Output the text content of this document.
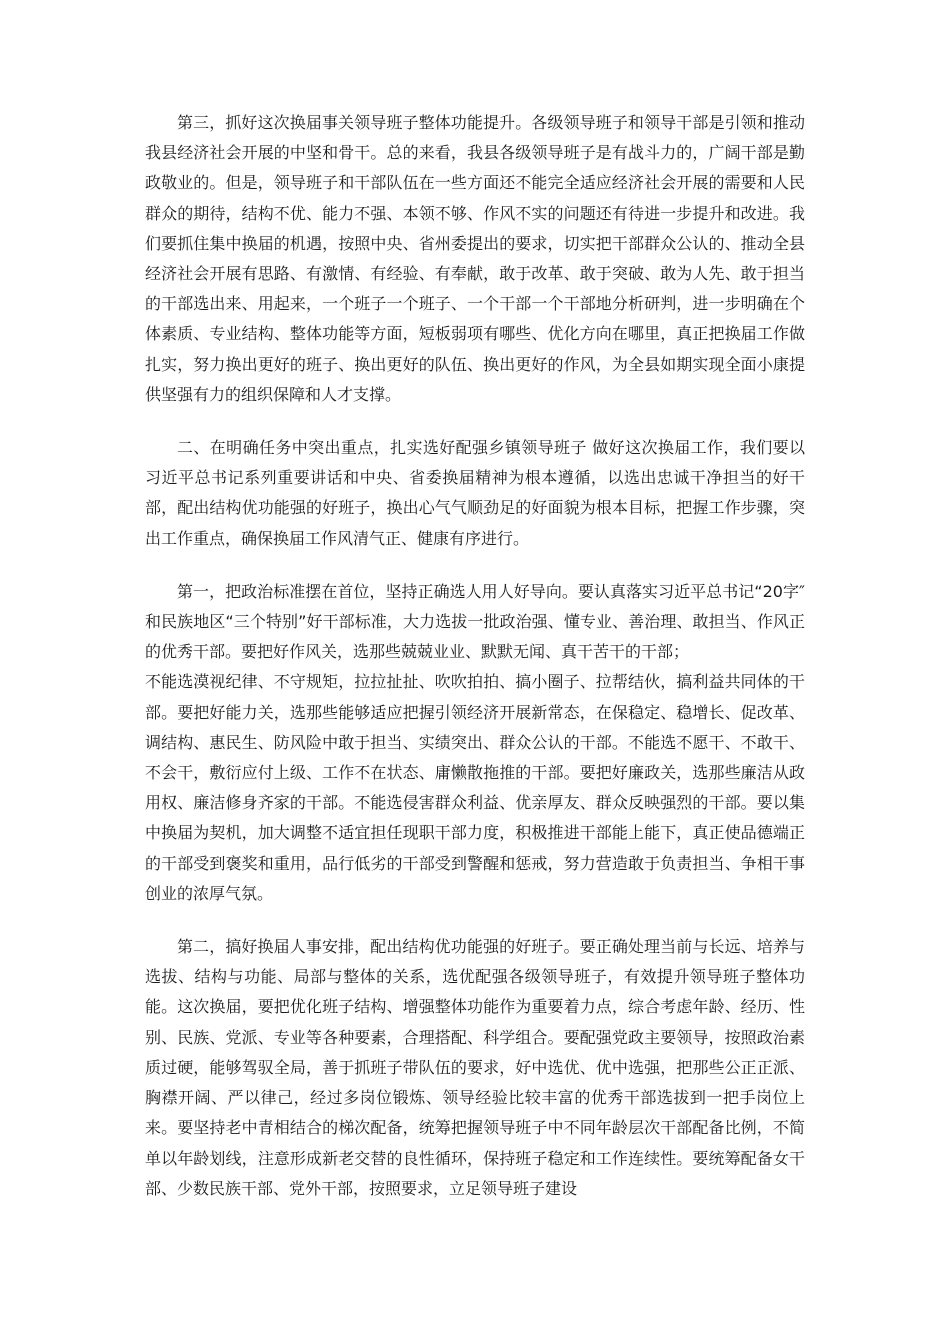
第三，抓好这次换届事关领导班子整体功能提升。各级领导班子和领导干部是引领和推动我县经济社会开展的中坚和骨干。总的来看，我县各级领导班子是有战斗力的，广阔干部是勤政敬业的。但是，领导班子和干部队伍在一些方面还不能完全适应经济社会开展的需要和人民群众的期待，结构不优、能力不强、本领不够、作风不实的问题还有待进一步提升和改进。我们要抓住集中换届的机遇，按照中央、省州委提出的要求，切实把干部群众公认的、推动全县经济社会开展有思路、有激情、有经验、有奉献，敢于改革、敢于突破、敢为人先、敢于担当的干部选出来、用起来，一个班子一个班子、一个干部一个干部地分析研判，进一步明确在个体素质、专业结构、整体功能等方面，短板弱项有哪些、优化方向在哪里，真正把换届工作做扎实，努力换出更好的班子、换出更好的队伍、换出更好的作风，为全县如期实现全面小康提供坚强有力的组织保障和人才支撑。

二、在明确任务中突出重点，扎实选好配强乡镇领导班子 做好这次换届工作，我们要以习近平总书记系列重要讲话和中央、省委换届精神为根本遵循，以选出忠诚干净担当的好干部，配出结构优功能强的好班子，换出心气气顺劲足的好面貌为根本目标，把握工作步骤，突出工作重点，确保换届工作风清气正、健康有序进行。

第一，把政治标准摆在首位，坚持正确选人用人好导向。要认真落实习近平总书记“20字″和民族地区“三个特别”好干部标准，大力选拔一批政治强、懂专业、善治理、敢担当、作风正的优秀干部。要把好作风关，选那些兢兢业业、默默无闻、真干苦干的干部；
不能选漠视纪律、不守规矩，拉拉扯扯、吹吹拍拍、搞小圈子、拉帮结伙，搞利益共同体的干部。要把好能力关，选那些能够适应把握引领经济开展新常态，在保稳定、稳增长、促改革、调结构、惠民生、防风险中敢于担当、实绩突出、群众公认的干部。不能选不愿干、不敢干、不会干，敷衍应付上级、工作不在状态、庸懒散拖推的干部。要把好廉政关，选那些廉洁从政用权、廉洁修身齐家的干部。不能选侵害群众利益、优亲厚友、群众反映强烈的干部。要以集中换届为契机，加大调整不适宜担任现职干部力度，积极推进干部能上能下，真正使品德端正的干部受到褒奖和重用，品行低劣的干部受到警醒和惩戒，努力营造敢于负责担当、争相干事创业的浓厚气氛。

第二，搞好换届人事安排，配出结构优功能强的好班子。要正确处理当前与长远、培养与选拔、结构与功能、局部与整体的关系，选优配强各级领导班子，有效提升领导班子整体功能。这次换届，要把优化班子结构、增强整体功能作为重要着力点，综合考虑年龄、经历、性别、民族、党派、专业等各种要素，合理搭配、科学组合。要配强党政主要领导，按照政治素质过硬，能够驾驭全局，善于抓班子带队伍的要求，好中选优、优中选强，把那些公正正派、胸襟开阔、严以律己，经过多岗位锻炼、领导经验比较丰富的优秀干部选拔到一把手岗位上来。要坚持老中青相结合的梯次配备，统筹把握领导班子中不同年龄层次干部配备比例，不简单以年龄划线，注意形成新老交替的良性循环，保持班子稳定和工作连续性。要统筹配备女干部、少数民族干部、党外干部，按照要求，立足领导班子建设
